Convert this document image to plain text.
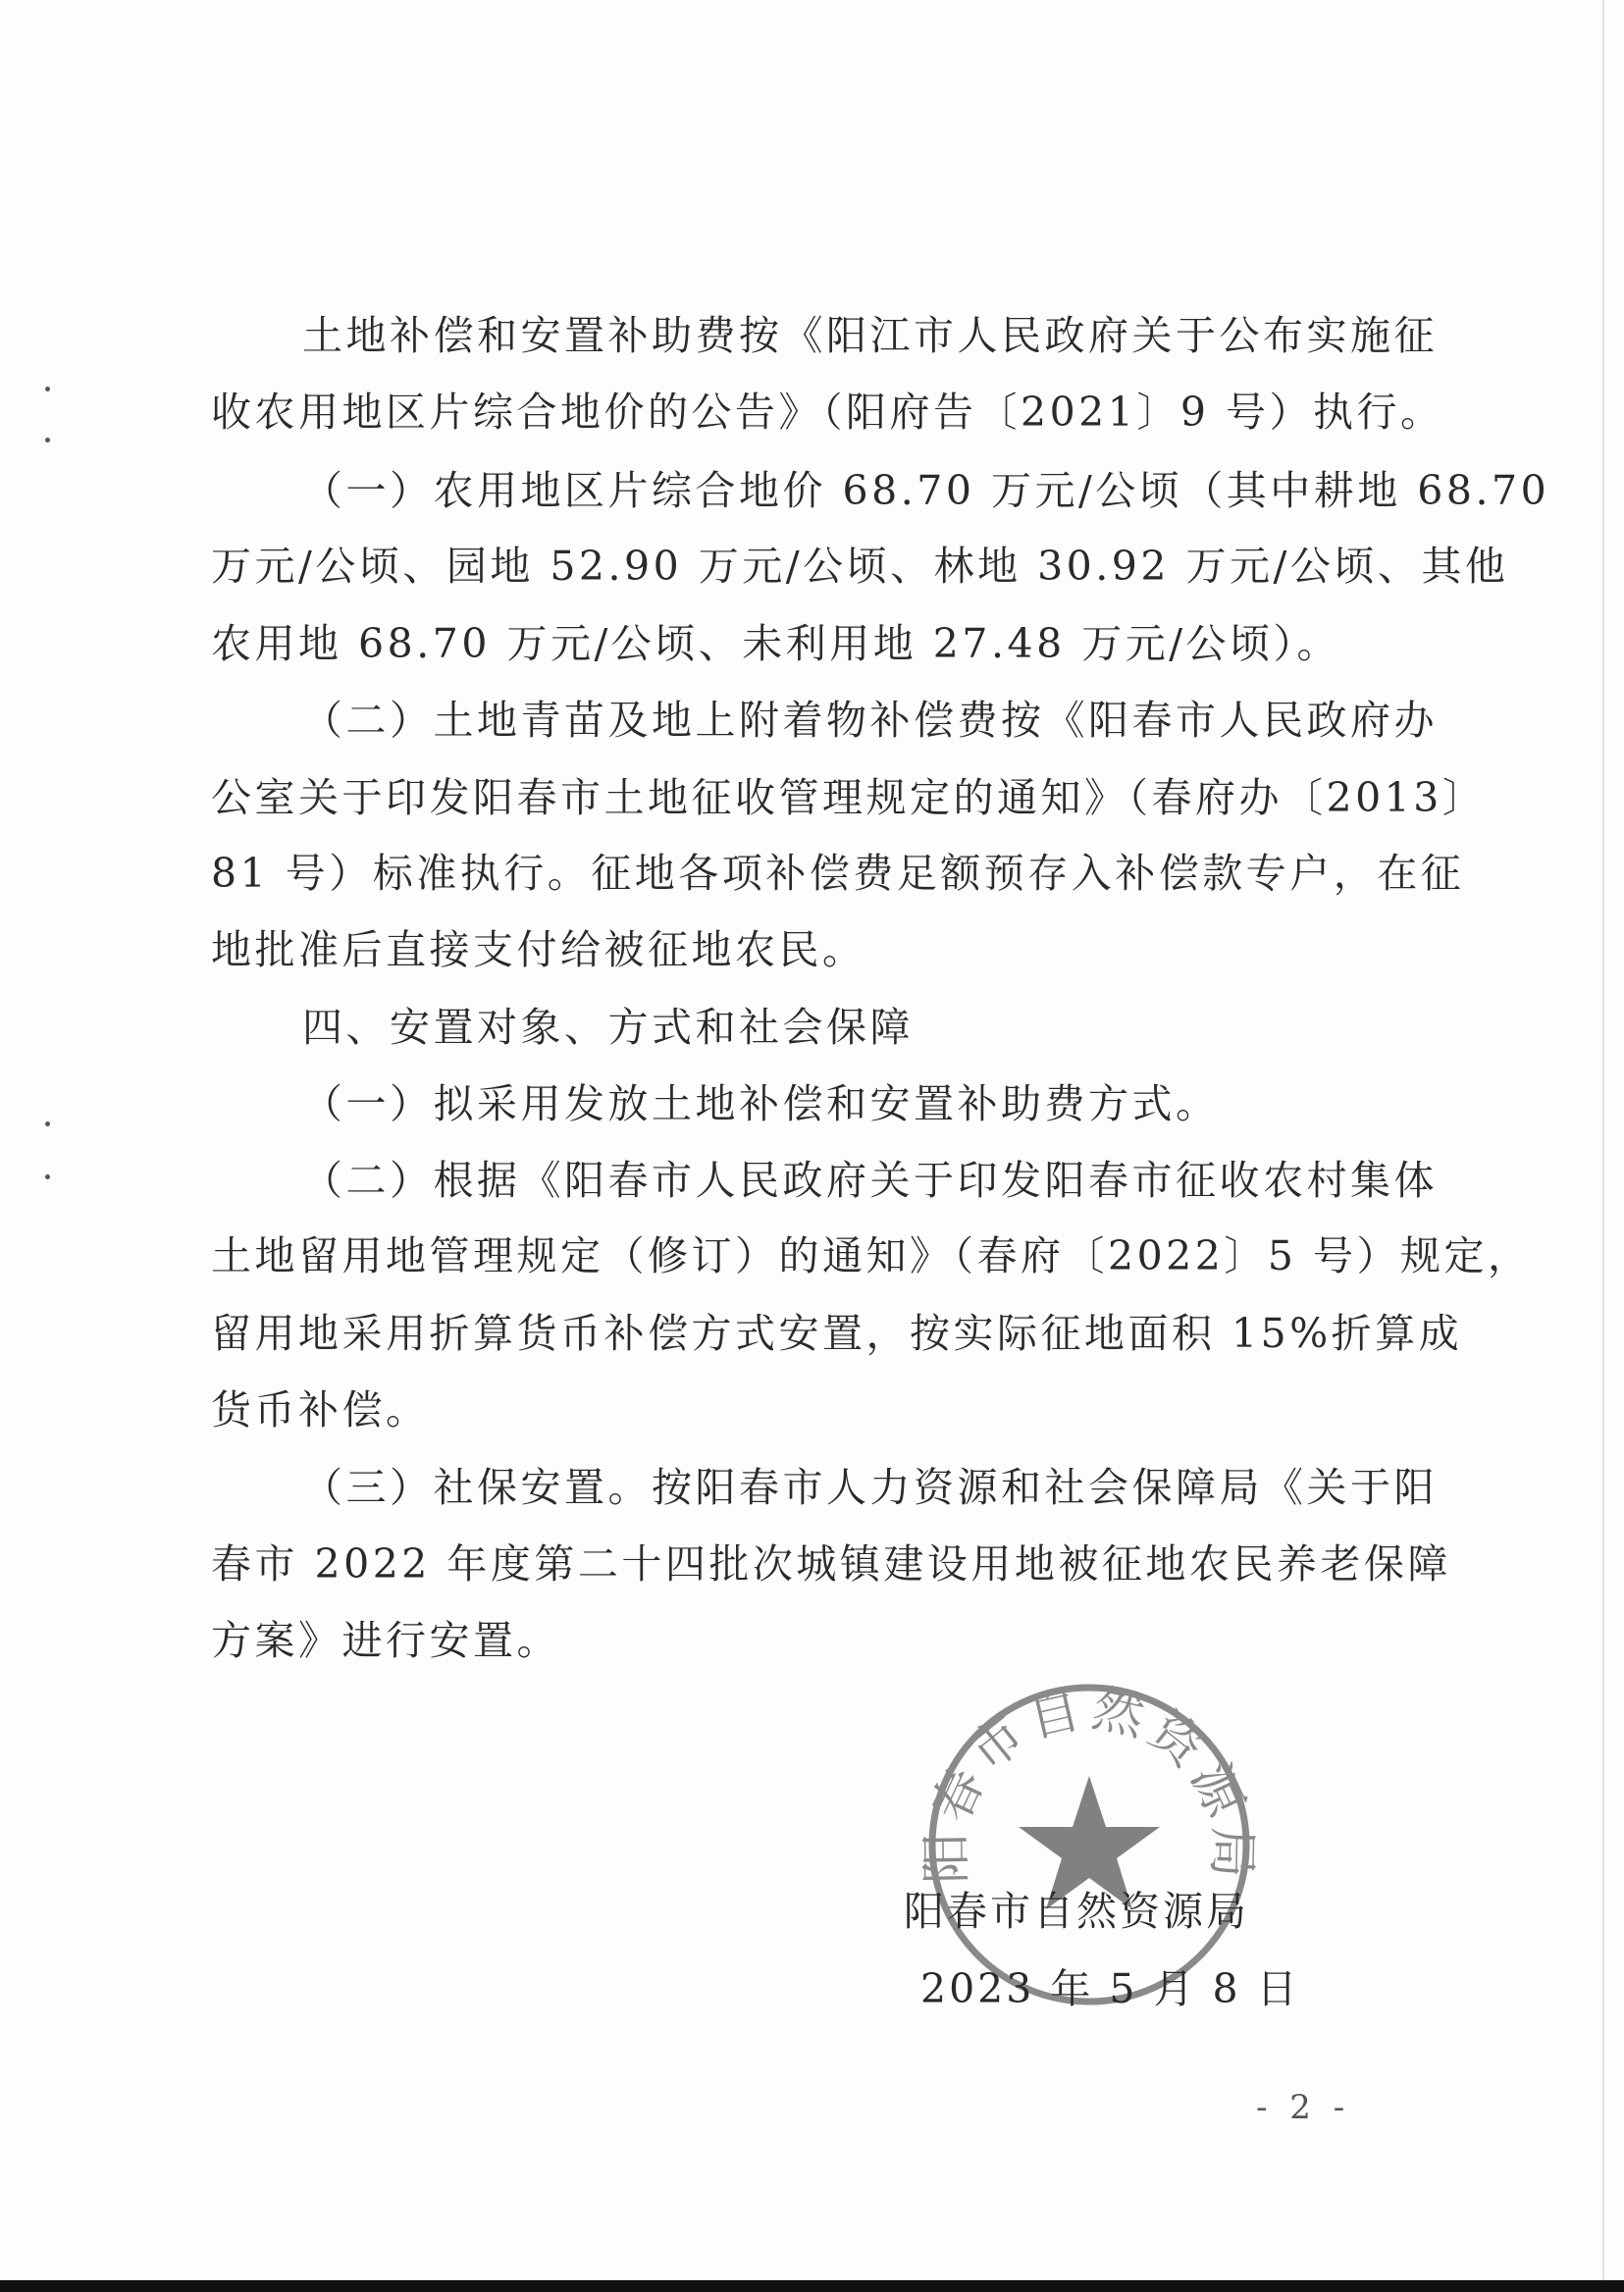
土地补偿和安置补助费按《阳江市人民政府关于公布实施征
收农用地区片综合地价的公告》（阳府告〔2021〕9 号）执行。
（一）农用地区片综合地价 68.70 万元/公顷（其中耕地 68.70
万元/公顷、园地 52.90 万元/公顷、林地 30.92 万元/公顷、其他
农用地 68.70 万元/公顷、未利用地 27.48 万元/公顷）。
（二）土地青苗及地上附着物补偿费按《阳春市人民政府办
公室关于印发阳春市土地征收管理规定的通知》（春府办〔2013〕
81 号）标准执行。征地各项补偿费足额预存入补偿款专户，在征
地批准后直接支付给被征地农民。
四、安置对象、方式和社会保障
（一）拟采用发放土地补偿和安置补助费方式。
（二）根据《阳春市人民政府关于印发阳春市征收农村集体
土地留用地管理规定（修订）的通知》（春府〔2022〕5 号）规定，
留用地采用折算货币补偿方式安置，按实际征地面积 15%折算成
货币补偿。
（三）社保安置。按阳春市人力资源和社会保障局《关于阳
春市 2022 年度第二十四批次城镇建设用地被征地农民养老保障
方案》进行安置。
阳春市自然资源局
阳春市自然资源局
2023 年 5 月 8 日
- 2 -
